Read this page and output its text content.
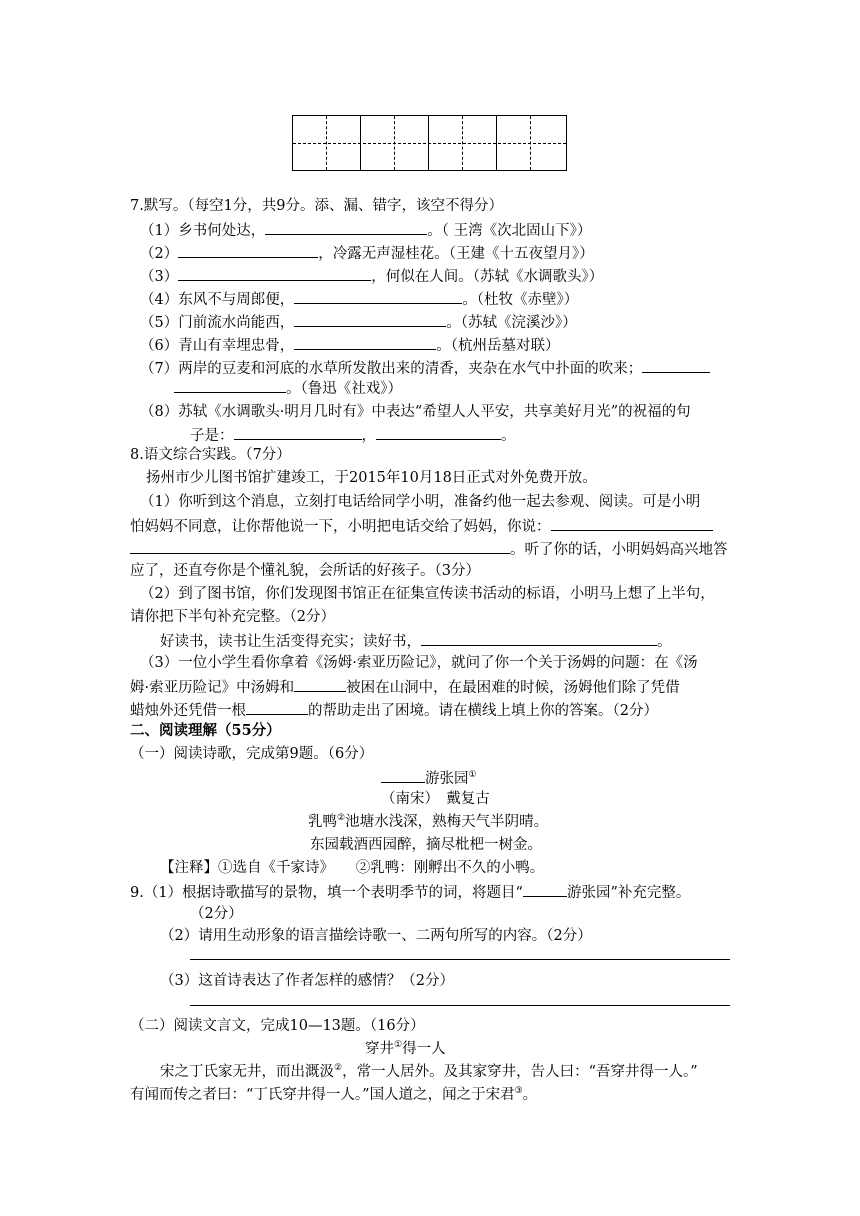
7.默写。（每空1分，共9分。添、漏、错字，该空不得分）
（1）乡书何处达，	。（ 王湾《次北固山下》）
（2）	，冷露无声湿桂花。（王建《十五夜望月》）
（3）	，何似在人间。（苏轼《水调歌头》）
（4）东风不与周郎便，	。（杜牧《赤壁》）
（5）门前流水尚能西，	。（苏轼《浣溪沙》）
（6）青山有幸埋忠骨，	。（杭州岳墓对联）
（7）两岸的豆麦和河底的水草所发散出来的清香，夹杂在水气中扑面的吹来；
。（鲁迅《社戏》）
（8）苏轼《水调歌头·明月几时有》中表达“希望人人平安，共享美好月光”的祝福的句
子是：	，	。
8.语文综合实践。（7分）
扬州市少儿图书馆扩建竣工，于2015年10月18日正式对外免费开放。
（1）你听到这个消息，立刻打电话给同学小明，准备约他一起去参观、阅读。可是小明
怕妈妈不同意，让你帮他说一下，小明把电话交给了妈妈，你说：
。听了你的话，小明妈妈高兴地答
应了，还直夸你是个懂礼貌，会所话的好孩子。（3分）
（2）到了图书馆，你们发现图书馆正在征集宣传读书活动的标语，小明马上想了上半句，
请你把下半句补充完整。（2分）
好读书，读书让生活变得充实；读好书，	。
（3）一位小学生看你拿着《汤姆·索亚历险记》，就问了你一个关于汤姆的问题：在《汤
姆·索亚历险记》中汤姆和	被困在山洞中，在最困难的时候，汤姆他们除了凭借
蜡烛外还凭借一根	的帮助走出了困境。请在横线上填上你的答案。（2分）
二、阅读理解（55分）
（一）阅读诗歌，完成第9题。（6分）
游张园①
（南宋）　戴复古
乳鸭②池塘水浅深，熟梅天气半阴晴。
东园载酒西园醉，摘尽枇杷一树金。
【注释】①选自《千家诗》　　②乳鸭：刚孵出不久的小鸭。
9.（1）根据诗歌描写的景物，填一个表明季节的词，将题目“	游张园”补充完整。
（2分）
（2）请用生动形象的语言描绘诗歌一、二两句所写的内容。（2分）
（3）这首诗表达了作者怎样的感情？（2分）
（二）阅读文言文，完成10—13题。（16分）
穿井①得一人
宋之丁氏家无井，而出溉汲②，常一人居外。及其家穿井，告人曰：“吾穿井得一人。”
有闻而传之者曰：“丁氏穿井得一人。”国人道之，闻之于宋君③。
